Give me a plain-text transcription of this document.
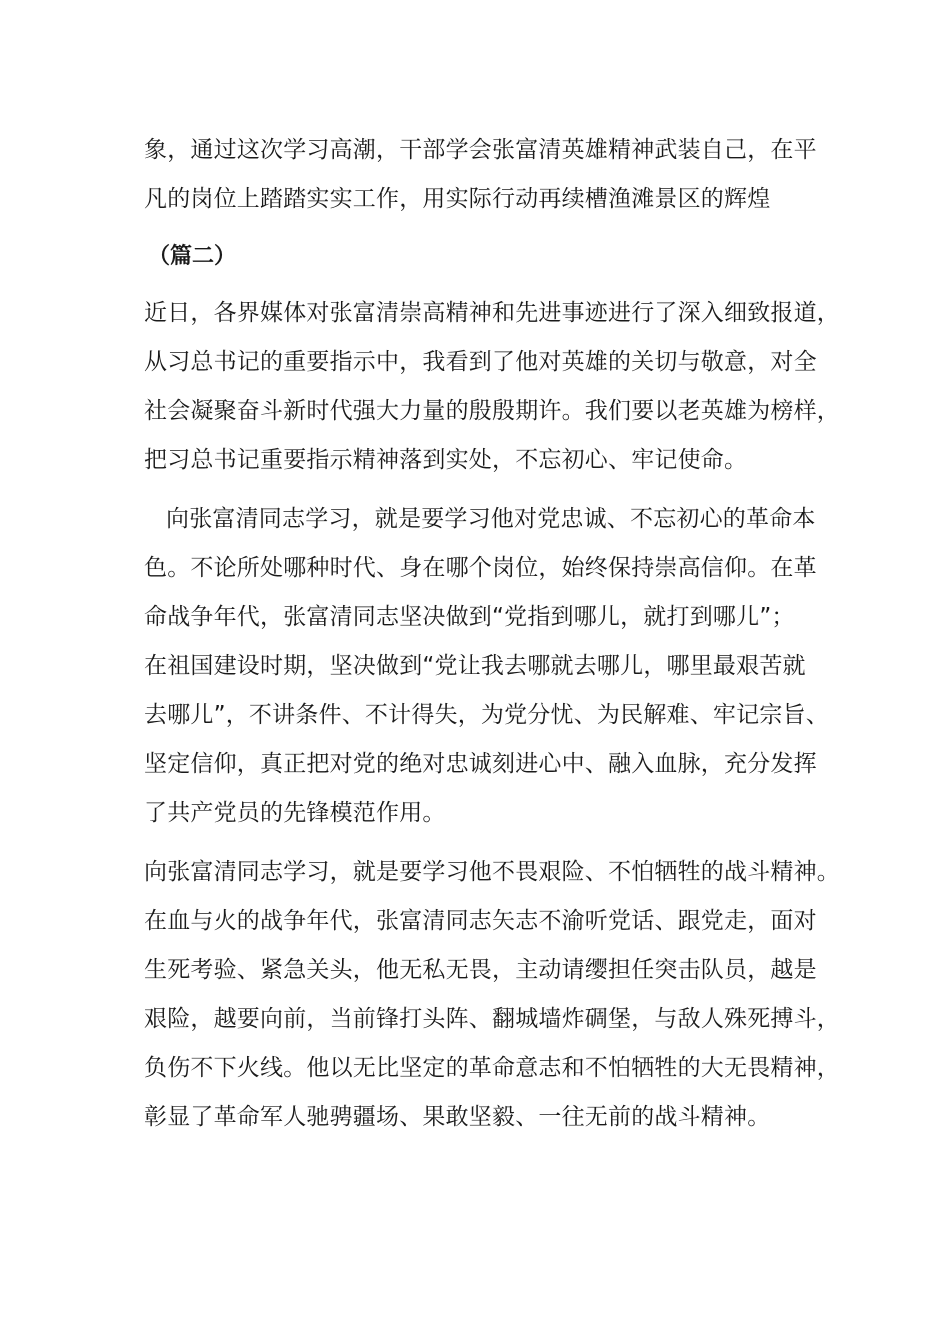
象，通过这次学习高潮，干部学会张富清英雄精神武装自己，在平
凡的岗位上踏踏实实工作，用实际行动再续槽渔滩景区的辉煌
（篇二）
近日，各界媒体对张富清崇高精神和先进事迹进行了深入细致报道，
从习总书记的重要指示中，我看到了他对英雄的关切与敬意，对全
社会凝聚奋斗新时代强大力量的殷殷期许。我们要以老英雄为榜样，
把习总书记重要指示精神落到实处，不忘初心、牢记使命。
向张富清同志学习，就是要学习他对党忠诚、不忘初心的革命本
色。不论所处哪种时代、身在哪个岗位，始终保持崇高信仰。在革
命战争年代，张富清同志坚决做到“党指到哪儿，就打到哪儿”；
在祖国建设时期，坚决做到“党让我去哪就去哪儿，哪里最艰苦就
去哪儿”，不讲条件、不计得失，为党分忧、为民解难、牢记宗旨、
坚定信仰，真正把对党的绝对忠诚刻进心中、融入血脉，充分发挥
了共产党员的先锋模范作用。
向张富清同志学习，就是要学习他不畏艰险、不怕牺牲的战斗精神。
在血与火的战争年代，张富清同志矢志不渝听党话、跟党走，面对
生死考验、紧急关头，他无私无畏，主动请缨担任突击队员，越是
艰险，越要向前，当前锋打头阵、翻城墙炸碉堡，与敌人殊死搏斗，
负伤不下火线。他以无比坚定的革命意志和不怕牺牲的大无畏精神，
彰显了革命军人驰骋疆场、果敢坚毅、一往无前的战斗精神。
